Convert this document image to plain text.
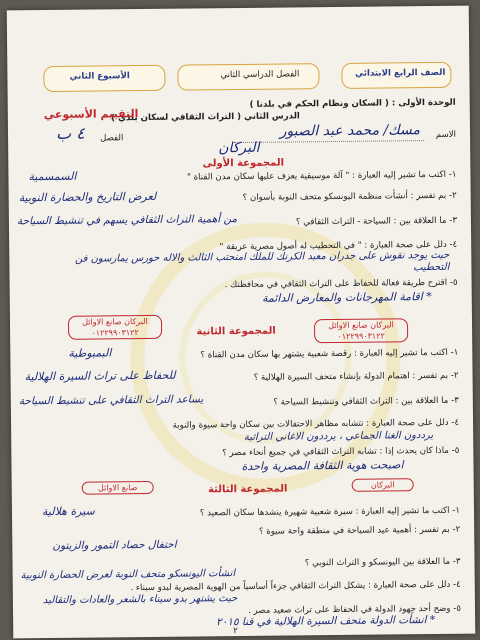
الصف الرابع الابتدائي
الفصل الدراسي الثاني
الأسبوع الثاني
الوحدة الأولى : ( السكان ونظام الحكم في بلدنا )
الدرس الثاني ( التراث الثقافي لسكان بلدي )
التقييم الأسبوعي
الاسم
مسك/ محمد عبد الصبور
الفصل
٤ ب
البركان
المجموعة الأولى
١- اكتب ما تشير إليه العبارة : " آلة موسيقية يعزف عليها سكان مدن القناة "
السمسمية
٢- بم تفسر : أنشأت منظمة اليونسكو متحف النوبة بأسوان ؟
لعرض التاريخ والحضارة النوبية
٣- ما العلاقة بين : السياحة - التراث الثقافي ؟
من أهمية التراث الثقافي يسهم في تنشيط السياحة
٤- دلل على صحة العبارة : " في التحطيب له أصول مصرية عريقة "
حيث يوجد نقوش على جدران معبد الكرنك للملك امنحتب الثالث والاله حورس يمارسون فن التحطيب
٥- اقترح طريقة فعالة للحفاظ على التراث الثقافي في محافظتك .
* اقامة المهرجانات والمعارض الدائمة
البركان صانع الاوائل ٠١٢٢٩٩٠٣١٢٢
البركان صانع الاوائل ٠١٢٢٩٩٠٣١٢٢
المجموعة الثانية
١- اكتب ما تشير إليه العبارة : رقصة شعبية يشتهر بها سكان مدن القناة ؟
البمبوطية
٢- بم تفسر : اهتمام الدولة بإنشاء متحف السيرة الهلالية ؟
للحفاظ على تراث السيرة الهلالية
٣- ما العلاقة بين : التراث الثقافي وتنشيط السياحة ؟
يساعد التراث الثقافي على تنشيط السياحة
٤- دلل على صحة العبارة : تتشابه مظاهر الاحتفالات بين سكان واحة سيوة والنوبة
يرددون الغنا الجماعي ، يرددون الاغاني التراثية
٥- ماذا كان يحدث إذا : تشابه التراث الثقافي في جميع أنحاء مصر ؟
اصبحت هوية الثقافة المصرية واحدة
البركان
المجموعة الثالثة
صانع الاوائل
١- اكتب ما تشير إليه العبارة : سيرة شعبية شهيرة ينشدها سكان الصعيد ؟
سيرة هلالية
٢- بم تفسر : أهمية عيد السياحة في منطقة واحة سيوة ؟
احتفال حصاد التمور والزيتون
٣- ما العلاقة بين اليونسكو و التراث النوبي ؟
انشأت اليونسكو متحف النوبة لعرض الحضارة النوبية
٤- دلل على صحة العبارة : يشكل التراث الثقافي جزءاً أساسياً من الهوية المصرية لبدو سيناء .
حيث يشتهر بدو سيناء بالشعر والعادات والتقاليد
٥- وضح أحد جهود الدولة في الحفاظ على تراث صعيد مصر .
* انشأت الدولة متحف السيرة الهلالية في قنا ٢٠١٥
٢
